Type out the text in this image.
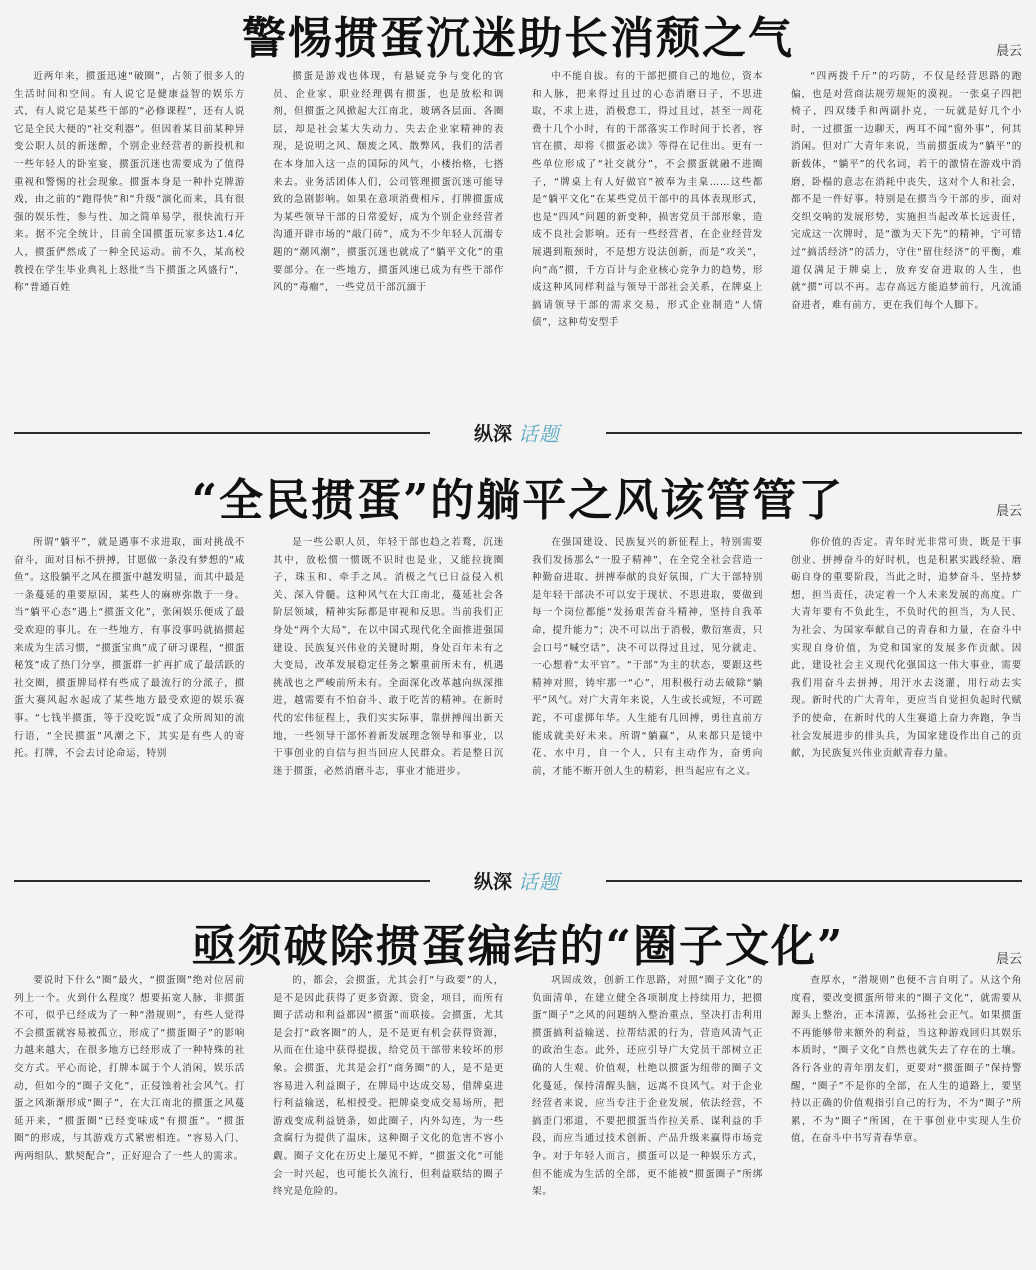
警惕掼蛋沉迷助长消颓之气	晨云

近两年来，掼蛋迅速“破圈”，占领了很多人的生活时间和空间。有人说它是健康益智的娱乐方式，有人说它是某些干部的“必修课程”，还有人说它是全民大便的“社交利器”。但因着某目前某种异变公职人员的新迷醉，个别企业经营者的新投机和一些年轻人的卧室宴，掼蛋沉迷也需要成为了值得重视和警惕的社会现象。掼蛋本身是一种扑克牌游戏，由之前的“跑得快”和“升级”演化而来，具有很强的娱乐性，参与性、加之简单易学，很快流行开来。据不完全统计，目前全国掼蛋玩家多达1.4亿人，掼蛋俨然成了一种全民运动。前不久，某高校教授在学生毕业典礼上怒批“当下掼蛋之风盛行”，称“普通百姓

掼蛋是游戏也体现，有悬疑竞争与变化的官员、企业家、职业经理偶有掼蛋，也是放松和调剂，但掼蛋之风掀起大江南北，玻璃各层面、各圈层，却是社会某大失动力、失去企业家精神的表现，是说明之风、颓废之风、散弊风，我们的活者在本身加入这一点的国际的风气，小楼抬格，七搭来去。业务活团体人们，公司管理掼蛋沉迷可能导致的急剧影响。如果在意项消费相斥，打牌掼蛋成为某些领导干部的日常爱好，成为个别企业经营者沟通开辟市场的“敲门砖”，成为不少年轻人沉溺专题的“潮风潮”，掼蛋沉迷也就成了“躺平文化”的重要部分。在一些地方，掼蛋风速已成为有些干部作风的“毒瘤”，一些党员干部沉湎于

中不能自拔。有的干部把掼自己的地位，资本和人脉，把来得过且过的心态消磨日子，不思进取，不求上进，消极怠工，得过且过，甚至一周花费十几个小时，有的干部落实工作时间于长者，容官在掼，却将《掼蛋必读》等得在记住出。更有一些单位形成了“社交就分”，不会掼蛋就融不进圈子，“牌桌上有人好做官”被奉为圭臬……这些都是“躺平文化”在某些党员干部中的具体表现形式，也是“四风”问题的新变种，损害党员干部形象，造成不良社会影响。还有一些经营者，在企业经营发展遇到瓶颈时，不是想方设法创新，而是“攻关”，向“高”掼，千方百计与企业核心竞争力的趋势，形成这种风同样利益与领导干部社会关系，在牌桌上搞请领导干部的需求交易，形式企业制造“人情债”，这种苟安型手

“四两拨千斤”的巧防，不仅是经营思路的跑偏，也是对营商法规劳规矩的漠视。一张桌子四把椅子，四双缕手和两副扑克，一玩就是好几个小时，一过掼蛋一边聊天，两耳不闻“窗外事”，何其消闲。但对广大青年来说，当前掼蛋成为“躺平”的新载体，“躺平”的代名词，若干的激情在游戏中消磨，卧榻的意志在消耗中丧失，这对个人和社会，都不是一件好事。特别是在掼当今干部的步，面对交织交响的发展形势，实施担当起改革长远责任，完成这一次牌时，是“激为天下先”的精神，宁可错过“搞活经济”的活力，守住“留住经济”的平衡，难道仅满足于牌桌上，放弃安奋进取的人生，也就“掼”可以不再。志存高远方能追梦前行，凡流涌奋进者，难有前方，更在我们每个人脚下。

纵深 话题
“全民掼蛋”的躺平之风该管管了	晨云

所谓“躺平”，就是遇事不求进取，面对挑战不奋斗，面对目标不拼搏，甘愿做一条没有梦想的“咸鱼”。这股躺平之风在掼蛋中越发明显，而其中最是一条蔓延的重要原因，某些人的麻痹弥散于一身。当“躺平心态”遇上“掼蛋文化”，张闲娱乐便成了最受欢迎的事儿。在一些地方，有事没事吗就搞掼起来成为生活习惯，“掼蛋宝典”成了研习课程，“掼蛋秘笈”成了热门分享，掼蛋群一扩再扩成了最活跃的社交圈，掼蛋牌局样有些成了最流行的分派子，掼蛋大赛风起水起成了某些地方最受欢迎的娱乐赛事。“七钱半掼蛋，等于没吃饭”成了众所周知的流行语，“全民掼蛋”风潮之下，其实是有些人的寄托。打牌，不会去讨论命运，特别

是一些公职人员，年轻干部也趋之若鹜，沉迷其中，放松惯一惯既不识时也是业，又能拉拢圈子，珠玉和、牵手之风。消极之气已日益侵入机关、深入骨髓。这种风气在大江南北，蔓延社会各阶层领域，精神实际都是审视和反思。当前我们正身处“两个大局”，在以中国式现代化全面推进强国建设、民族复兴伟业的关键时期，身处百年未有之大变局，改革发展稳定任务之繁重前所未有，机遇挑战也之严峻前所未有。全面深化改革越向纵深推进，越需要有不怕奋斗、敢于吃苦的精神。在新时代的宏伟征程上，我们实实际事，靠拼搏闯出新天地，一些领导干部怀着新发展理念领导和事业，以干事创业的自信与担当回应人民群众。若是整日沉迷于掼蛋，必然消磨斗志，事业才能进步。

在强国建设、民族复兴的新征程上，特别需要我们发扬那么“一股子精神”，在全党全社会营造一种勤奋进取、拼搏奉献的良好氛围，广大干部特别是年轻干部决不可以安于现状、不思进取，要做到每一个岗位都能“发扬艰苦奋斗精神，坚持自我革命，提升能力”；决不可以出于消极，敷衍塞责，只会口号“喊空话”，决不可以得过且过，见分就走、一心想着“太平官”。“干部”为主的状态，要跟这些精神对照，铸牢那一“心”，用积极行动去破除“躺平”风气。对广大青年来说，人生或长或短，不可蹉跎，不可虚掷年华。人生能有几回搏，勇往直前方能成就美好未来。所谓“躺赢”，从来都只是镜中花、水中月，自一个人，只有主动作为，奋勇向前，才能不断开创人生的精彩，担当起应有之义。

你价值的否定。青年时光非常可贵，既是干事创业、拼搏奋斗的好时机，也是积累实践经验、磨砺自身的重要阶段，当此之时，追梦奋斗、坚持梦想，担当责任，决定着一个人未来发展的高度。广大青年要有不负此生，不负时代的担当，为人民、为社会、为国家奉献自己的青春和力量，在奋斗中实现自身价值，为党和国家的发展多作贡献。因此，建设社会主义现代化强国这一伟大事业，需要我们用奋斗去拼搏，用汗水去浇灌，用行动去实现。新时代的广大青年，更应当自觉担负起时代赋予的使命，在新时代的人生赛道上奋力奔跑，争当社会发展进步的排头兵，为国家建设作出自己的贡献，为民族复兴伟业贡献青春力量。

纵深 话题
亟须破除掼蛋编结的“圈子文化”	晨云

要说时下什么“圈”最火，“掼蛋圈”绝对位居前列上一个。火到什么程度？想要拓宽人脉，非掼蛋不可，似乎已经成为了一种“潜规则”，有些人觉得不会掼蛋就容易被孤立，形成了“掼蛋圈子”的影响力越来越大，在很多地方已经形成了一种特殊的社交方式。平心而论，打牌本属于个人消闲，娱乐活动，但如今的“圈子文化”，正侵蚀着社会风气。打蛋之风渐渐形成“圈子”，在大江南北的掼蛋之风蔓延开来，“掼蛋圈”已经变味成“有掼蛋”。“掼蛋圈”的形成，与其游戏方式紧密相连。“容易入门、两两组队、默契配合”，正好迎合了一些人的需求。

的，都会，会掼蛋，尤其会打“与政要”的人，是不是因此获得了更多资源、资金，项目，而所有圈子活动和利益都因“掼蛋”而联接。会掼蛋，尤其是会打“政客圈”的人，是不是更有机会获得资源，从而在仕途中获得提拔，给党员干部带来较坏的形象。会掼蛋，尤其是会打“商务圈”的人，是不是更容易进入利益圈子，在牌局中达成交易，借牌桌进行利益输送，私相授受。把牌桌变成交易场所，把游戏变成利益链条，如此圈子，内外勾连，为一些贪腐行为提供了温床，这种圈子文化的危害不容小觑。圈子文化在历史上屡见不鲜，“掼蛋文化”可能会一时兴起，也可能长久流行，但利益联结的圈子终究是危险的。

巩固成效，创新工作思路，对照“圈子文化”的负面清单，在建立健全各项制度上持续用力，把掼蛋“圈子”之风的问题纳入整治重点，坚决打击利用掼蛋搞利益输送、拉帮结派的行为，营造风清气正的政治生态。此外，还应引导广大党员干部树立正确的人生观、价值观，杜绝以掼蛋为纽带的圈子文化蔓延，保持清醒头脑，远离不良风气。对于企业经营者来说，应当专注于企业发展，依法经营，不搞歪门邪道，不要把掼蛋当作拉关系、谋利益的手段，而应当通过技术创新、产品升级来赢得市场竞争。对于年轻人而言，掼蛋可以是一种娱乐方式，但不能成为生活的全部，更不能被“掼蛋圈子”所绑架。

查厚水，“潜规则”也便不言自明了。从这个角度看，要改变掼蛋所带来的“圈子文化”，就需要从源头上整治，正本清源，弘扬社会正气。如果掼蛋不再能够带来额外的利益，当这种游戏回归其娱乐本质时，“圈子文化”自然也就失去了存在的土壤。各行各业的青年朋友们，更要对“掼蛋圈子”保持警醒，“圈子”不是你的全部，在人生的道路上，要坚持以正确的价值观指引自己的行为，不为“圈子”所累，不为“圈子”所困，在干事创业中实现人生价值，在奋斗中书写青春华章。
